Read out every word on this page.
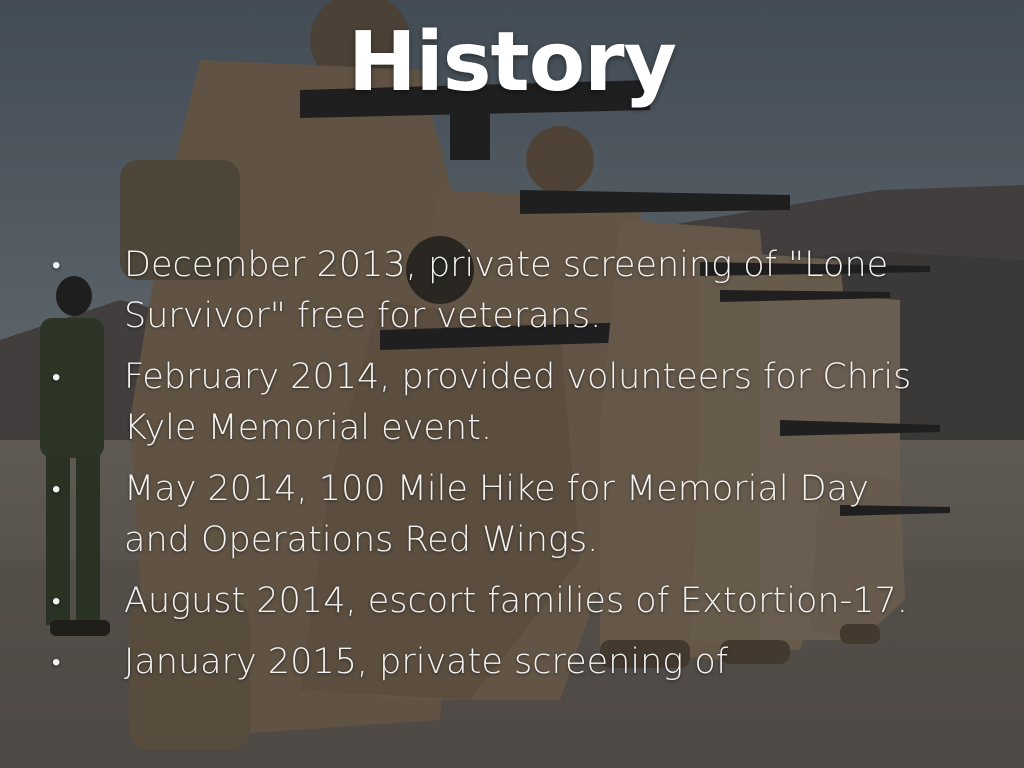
History
• December 2013, private screening of "Lone Survivor" free for veterans.
• February 2014, provided volunteers for Chris Kyle Memorial event.
• May 2014, 100 Mile Hike for Memorial Day and Operations Red Wings.
• August 2014, escort families of Extortion-17.
• January 2015, private screening of
